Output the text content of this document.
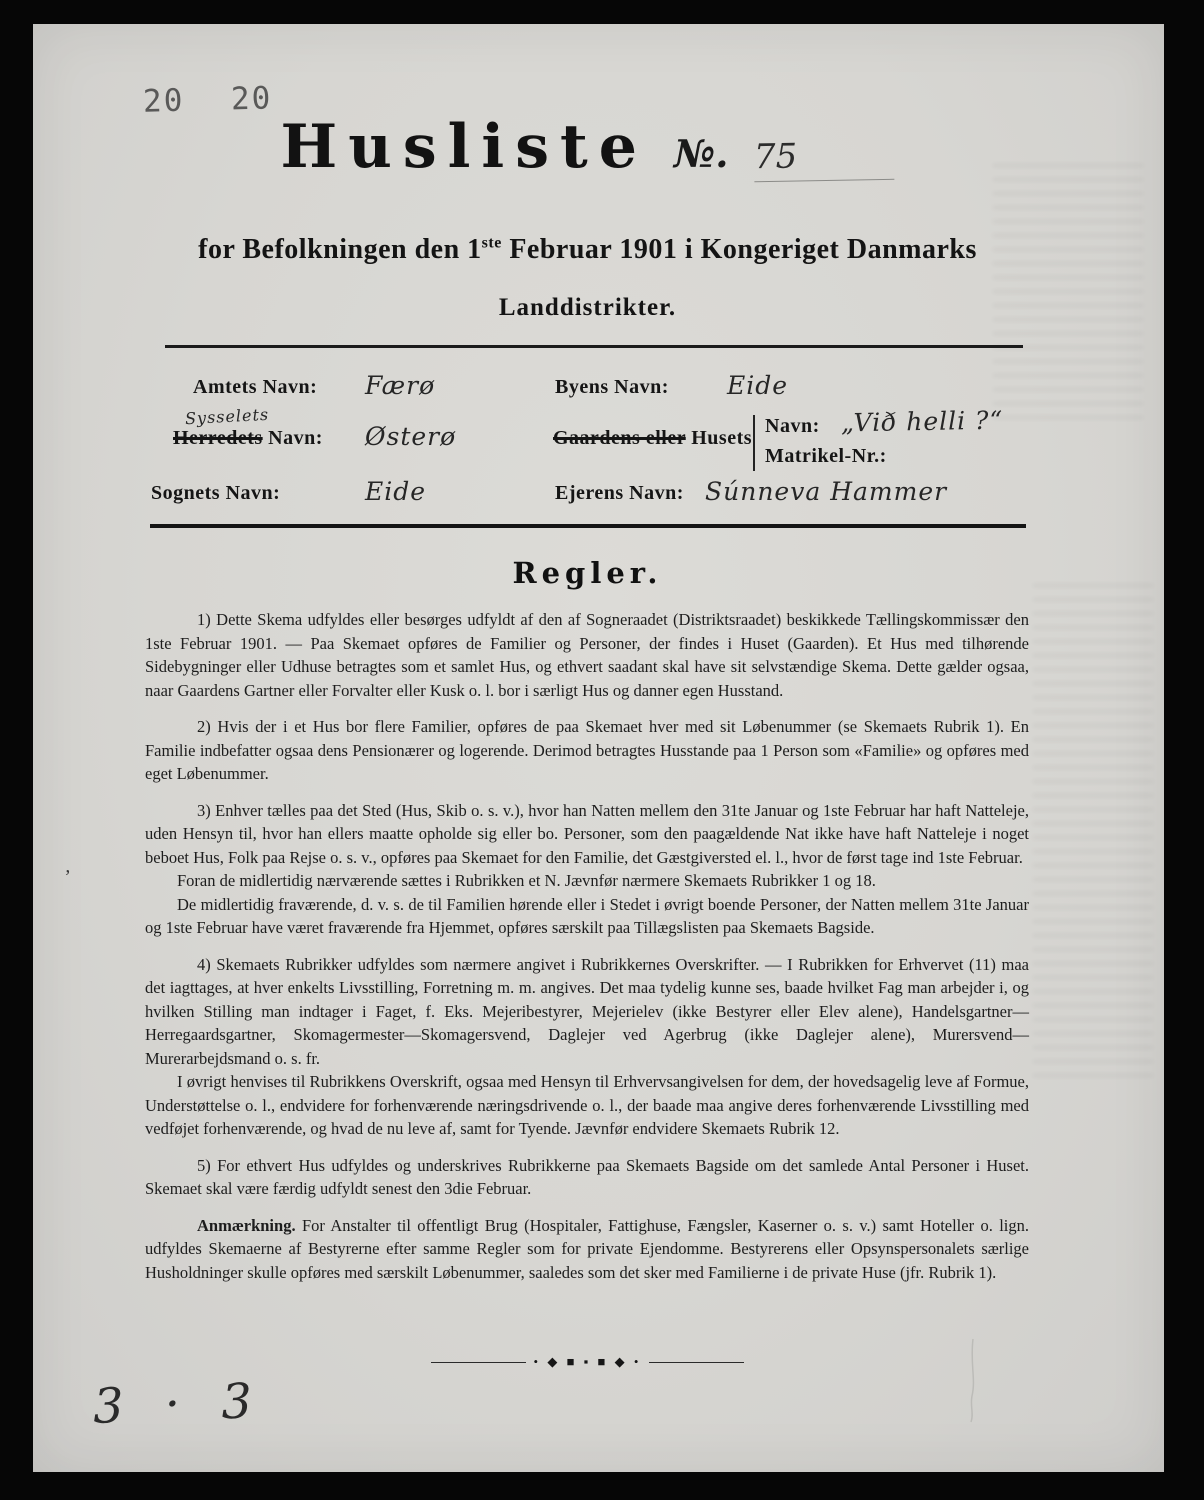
20 20
Husliste №. 75
for Befolkningen den 1ste Februar 1901 i Kongeriget Danmarks
Landdistrikter.
Amtets Navn: Færø	Byens Navn: Eide
Sysselets
Herredets Navn: Østerø	Gaardens eller Husets
Navn: „Við helli ?“
Matrikel-Nr.:
Sognets Navn:	Eide	Ejerens Navn: Súnneva Hammer
Regler.

1) Dette Skema udfyldes eller besørges udfyldt af den af Sogneraadet (Distriktsraadet) beskikkede Tællingskommissær den 1ste Februar 1901. — Paa Skemaet opføres de Familier og Personer, der findes i Huset (Gaarden). Et Hus med tilhørende Sidebygninger eller Udhuse betragtes som et samlet Hus, og ethvert saadant skal have sit selvstændige Skema. Dette gælder ogsaa, naar Gaardens Gartner eller Forvalter eller Kusk o. l. bor i særligt Hus og danner egen Husstand.

2) Hvis der i et Hus bor flere Familier, opføres de paa Skemaet hver med sit Løbenummer (se Skemaets Rubrik 1). En Familie indbefatter ogsaa dens Pensionærer og logerende. Derimod betragtes Husstande paa 1 Person som «Familie» og opføres med eget Løbenummer.

3) Enhver tælles paa det Sted (Hus, Skib o. s. v.), hvor han Natten mellem den 31te Januar og 1ste Februar har haft Natteleje, uden Hensyn til, hvor han ellers maatte opholde sig eller bo. Personer, som den paagældende Nat ikke have haft Natteleje i noget beboet Hus, Folk paa Rejse o. s. v., opføres paa Skemaet for den Familie, det Gæstgiversted el. l., hvor de først tage ind 1ste Februar.

Foran de midlertidig nærværende sættes i Rubrikken et N. Jævnfør nærmere Skemaets Rubrikker 1 og 18.

De midlertidig fraværende, d. v. s. de til Familien hørende eller i Stedet i øvrigt boende Personer, der Natten mellem 31te Januar og 1ste Februar have været fraværende fra Hjemmet, opføres særskilt paa Tillægslisten paa Skemaets Bagside.

4) Skemaets Rubrikker udfyldes som nærmere angivet i Rubrikkernes Overskrifter. — I Rubrikken for Erhvervet (11) maa det iagttages, at hver enkelts Livsstilling, Forretning m. m. angives. Det maa tydelig kunne ses, baade hvilket Fag man arbejder i, og hvilken Stilling man indtager i Faget, f. Eks. Mejeribestyrer, Mejerielev (ikke Bestyrer eller Elev alene), Handelsgartner—Herregaardsgartner, Skomagermester—Skomagersvend, Daglejer ved Agerbrug (ikke Daglejer alene), Murersvend—Murerarbejdsmand o. s. fr.

I øvrigt henvises til Rubrikkens Overskrift, ogsaa med Hensyn til Erhvervsangivelsen for dem, der hovedsagelig leve af Formue, Understøttelse o. l., endvidere for forhenværende næringsdrivende o. l., der baade maa angive deres forhenværende Livsstilling med vedføjet forhenværende, og hvad de nu leve af, samt for Tyende. Jævnfør endvidere Skemaets Rubrik 12.

5) For ethvert Hus udfyldes og underskrives Rubrikkerne paa Skemaets Bagside om det samlede Antal Personer i Huset. Skemaet skal være færdig udfyldt senest den 3die Februar.

Anmærkning. For Anstalter til offentligt Brug (Hospitaler, Fattighuse, Fængsler, Kaserner o. s. v.) samt Hoteller o. lign. udfyldes Skemaerne af Bestyrerne efter samme Regler som for private Ejendomme. Bestyrerens eller Opsynspersonalets særlige Husholdninger skulle opføres med særskilt Løbenummer, saaledes som det sker med Familierne i de private Huse (jfr. Rubrik 1).

• ◆ ■ ▪ ■ ◆ •
3 · 3
’
